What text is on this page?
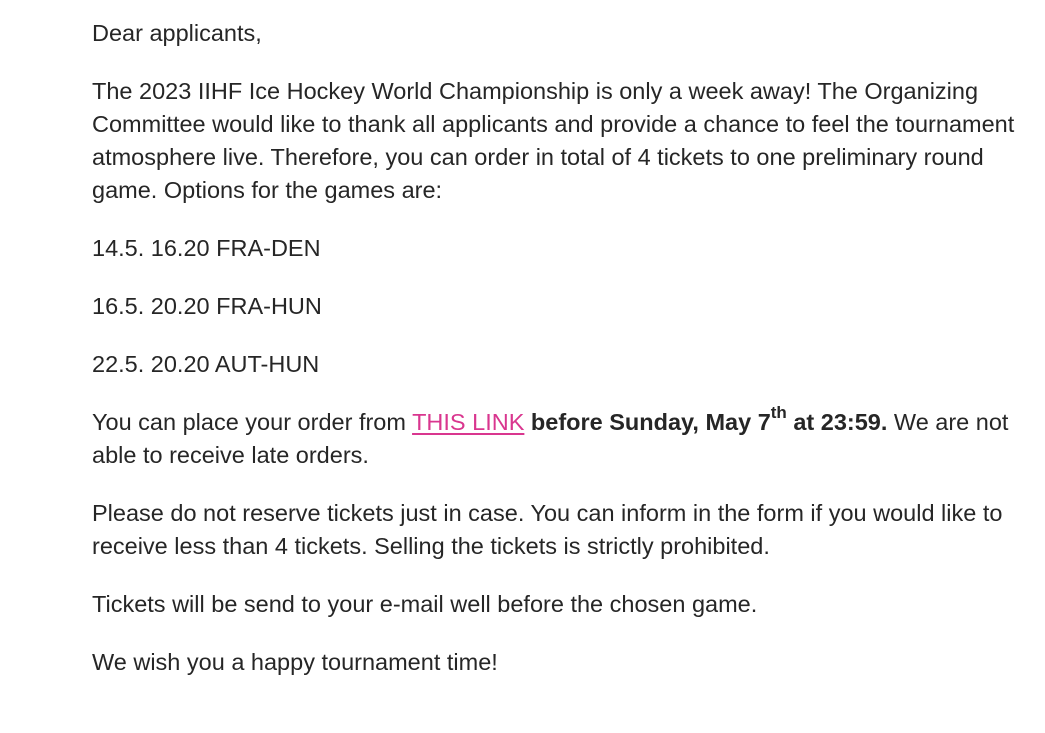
Dear applicants,

The 2023 IIHF Ice Hockey World Championship is only a week away! The Organizing Committee would like to thank all applicants and provide a chance to feel the tournament atmosphere live. Therefore, you can order in total of 4 tickets to one preliminary round game. Options for the games are:

14.5. 16.20 FRA-DEN

16.5. 20.20 FRA-HUN

22.5. 20.20 AUT-HUN

You can place your order from THIS LINK before Sunday, May 7th at 23:59. We are not able to receive late orders.

Please do not reserve tickets just in case. You can inform in the form if you would like to receive less than 4 tickets. Selling the tickets is strictly prohibited.

Tickets will be send to your e-mail well before the chosen game.

We wish you a happy tournament time!
